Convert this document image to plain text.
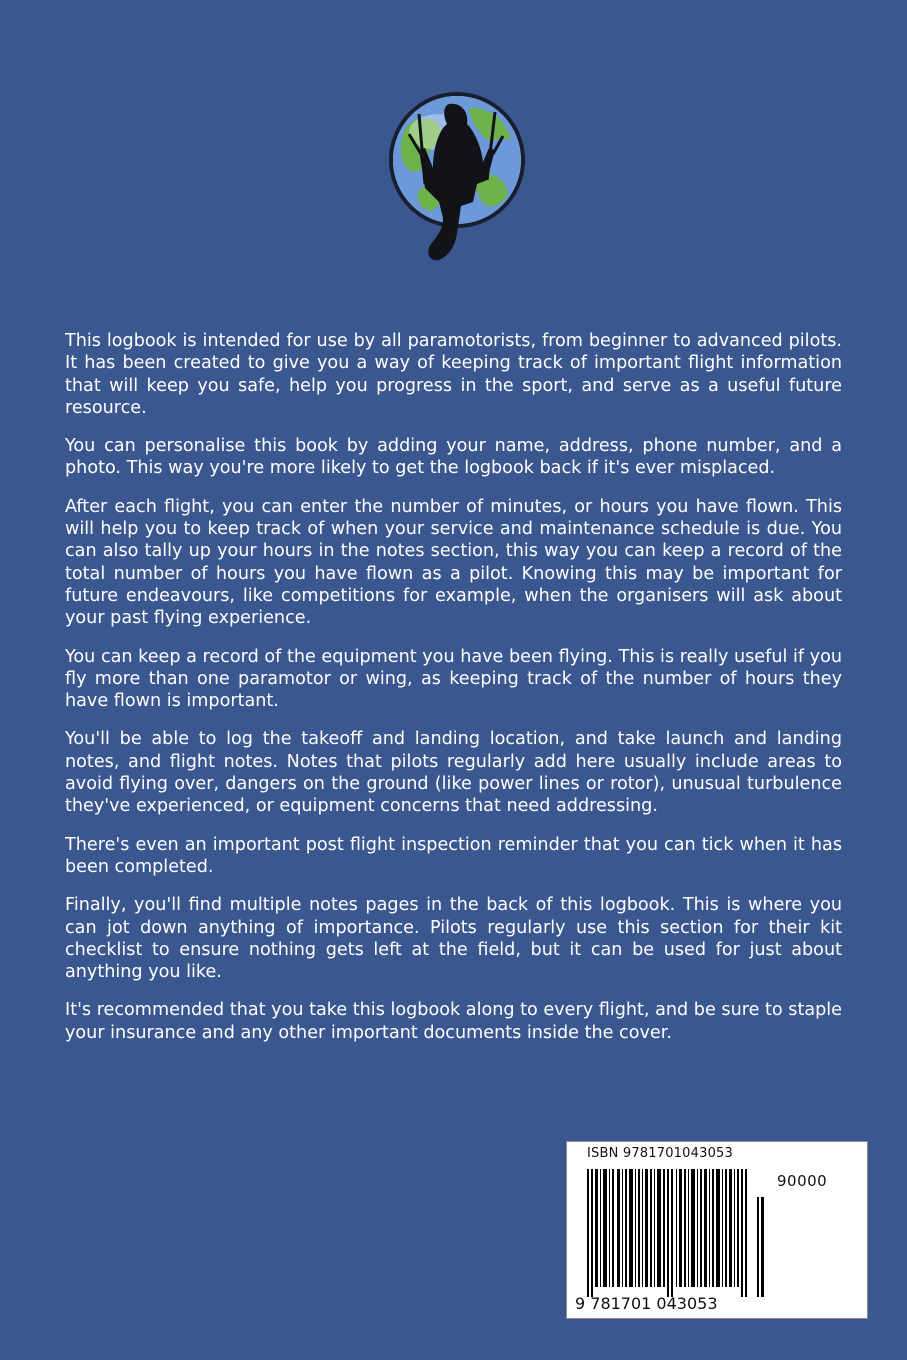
This logbook is intended for use by all paramotorists, from beginner to advanced pilots. It has been created to give you a way of keeping track of important flight information that will keep you safe, help you progress in the sport, and serve as a useful future resource.

You can personalise this book by adding your name, address, phone number, and a photo. This way you're more likely to get the logbook back if it's ever misplaced.

After each flight, you can enter the number of minutes, or hours you have flown. This will help you to keep track of when your service and maintenance schedule is due. You can also tally up your hours in the notes section, this way you can keep a record of the total number of hours you have flown as a pilot. Knowing this may be important for future endeavours, like competitions for example, when the organisers will ask about your past flying experience.

You can keep a record of the equipment you have been flying. This is really useful if you fly more than one paramotor or wing, as keeping track of the number of hours they have flown is important.

You'll be able to log the takeoff and landing location, and take launch and landing notes, and flight notes. Notes that pilots regularly add here usually include areas to avoid flying over, dangers on the ground (like power lines or rotor), unusual turbulence they've experienced, or equipment concerns that need addressing.

There's even an important post flight inspection reminder that you can tick when it has been completed.

Finally, you'll find multiple notes pages in the back of this logbook. This is where you can jot down anything of importance. Pilots regularly use this section for their kit checklist to ensure nothing gets left at the field, but it can be used for just about anything you like.

It's recommended that you take this logbook along to every flight, and be sure to staple your insurance and any other important documents inside the cover.

ISBN 9781701043053
90000
9 781701 043053
